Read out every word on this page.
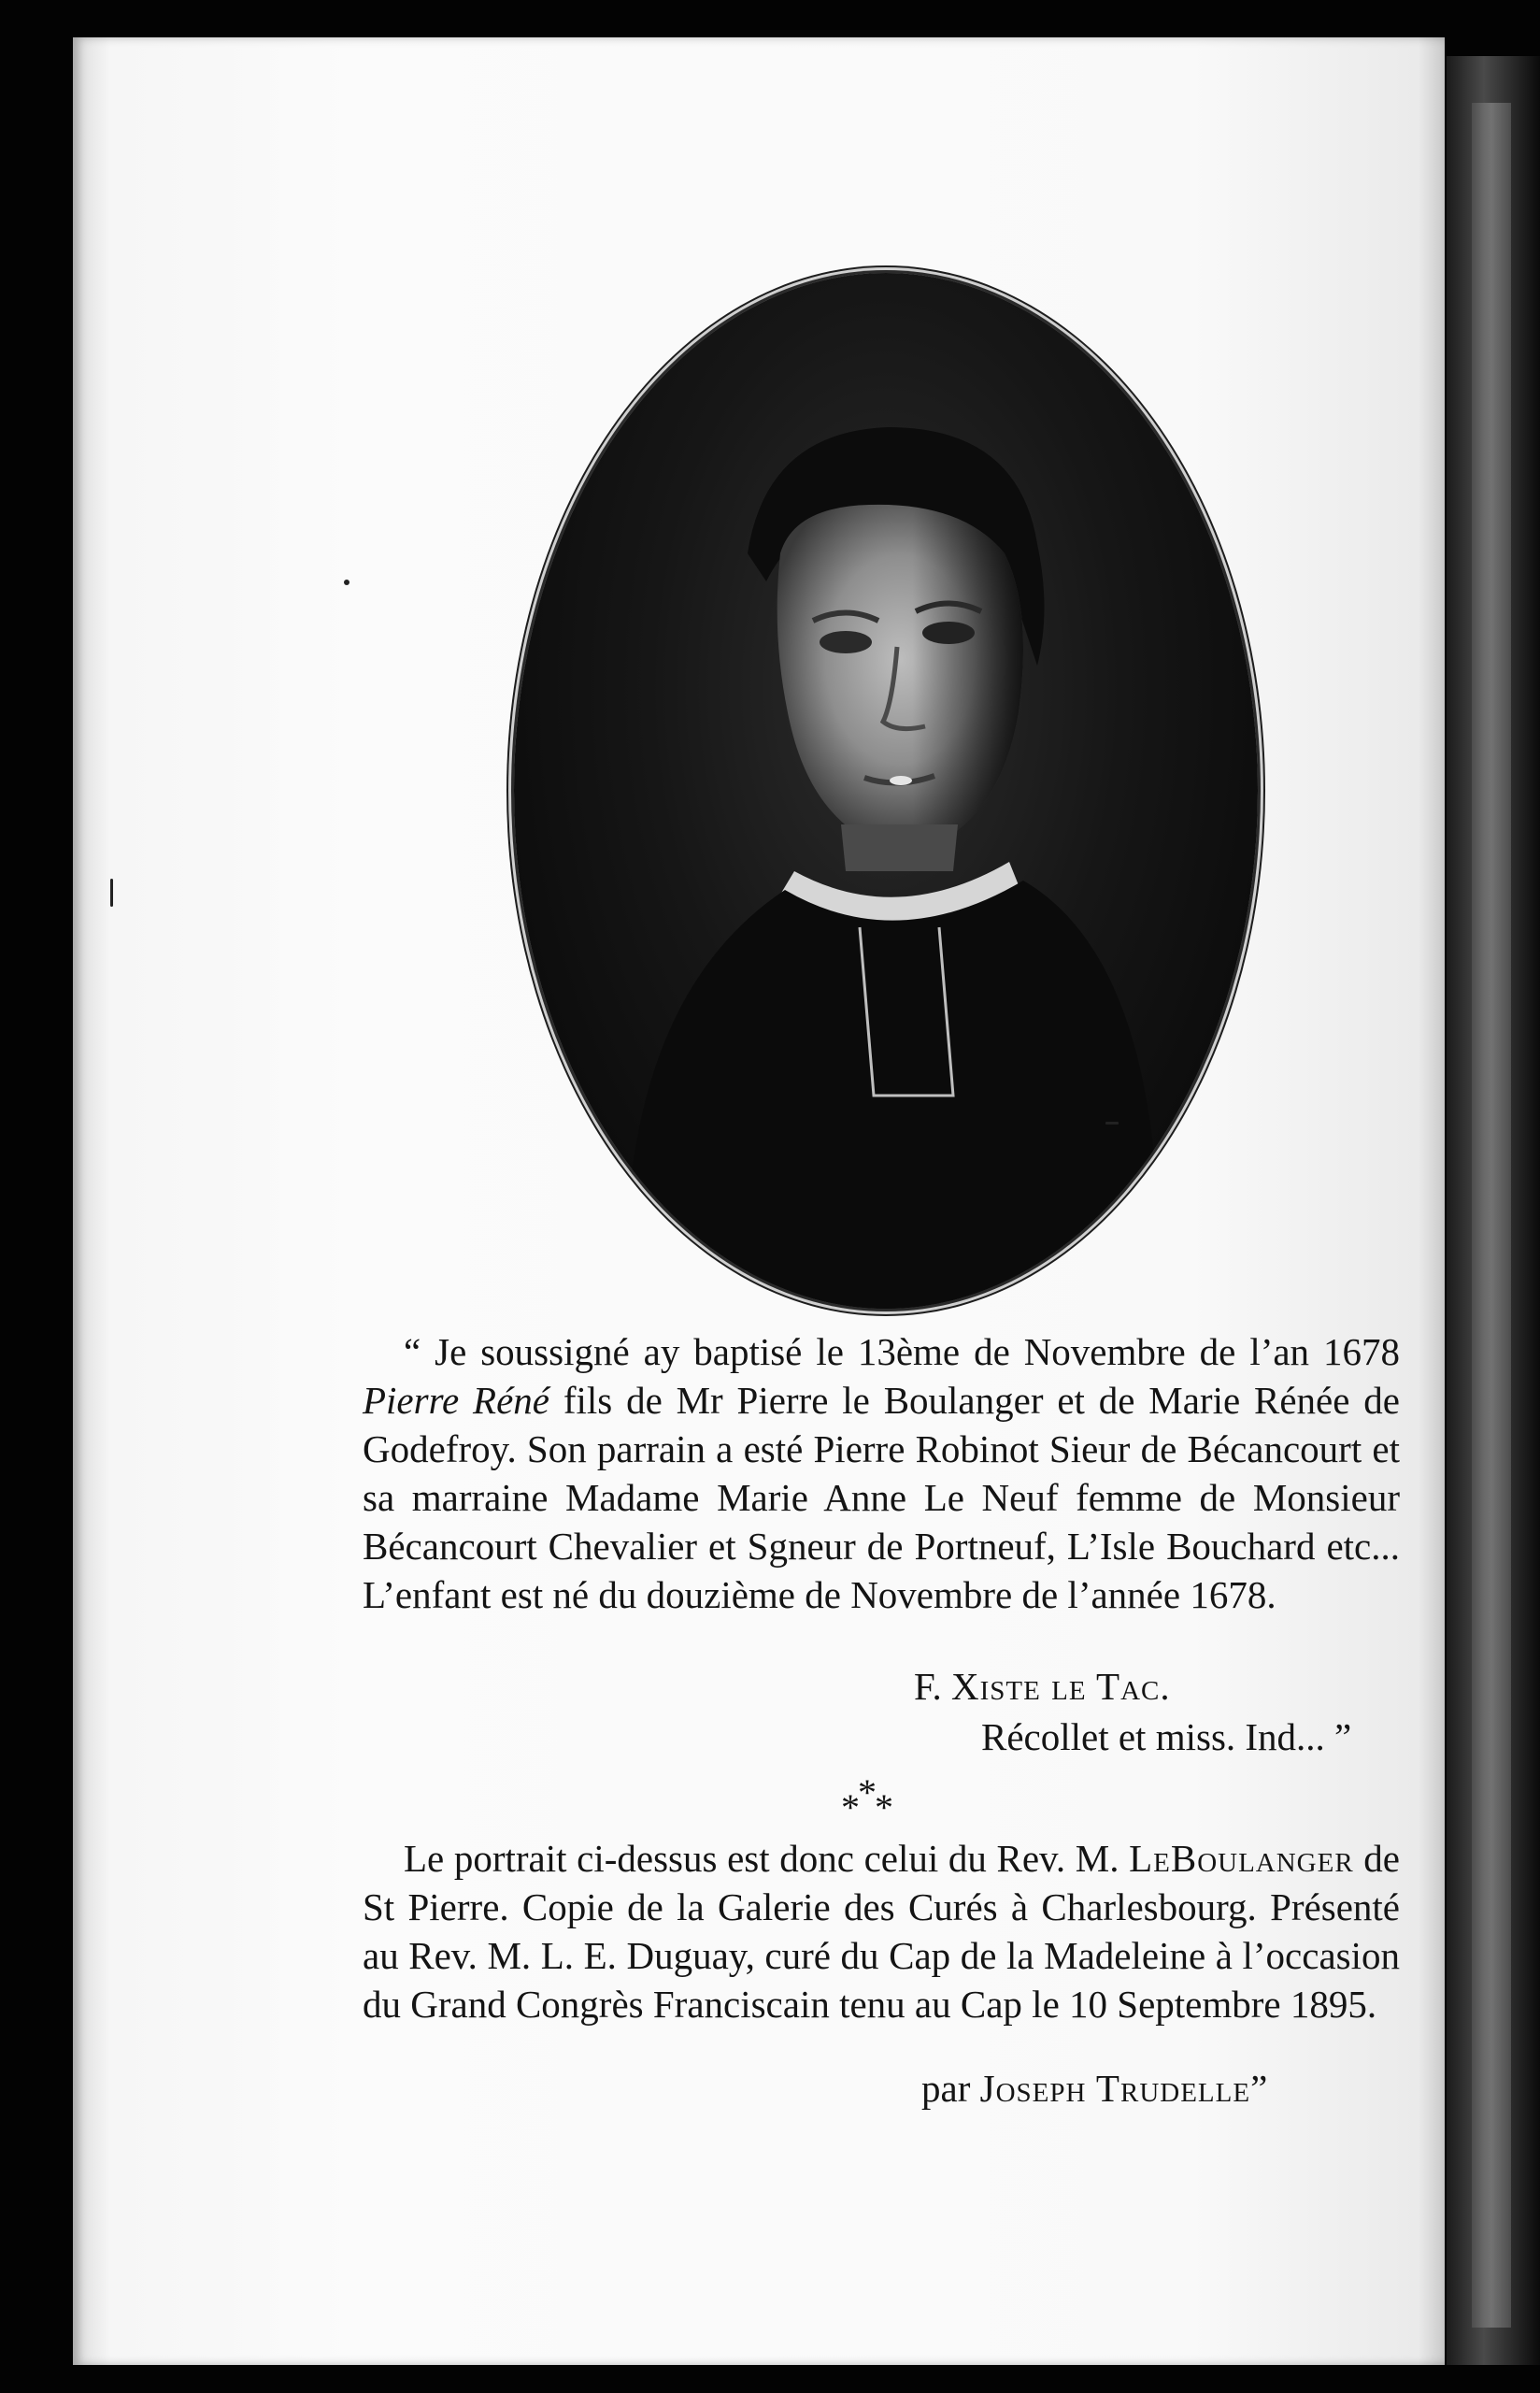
“ Je soussigné ay baptisé le 13ème de Novembre de l’an 1678 Pierre Réné fils de Mr Pierre le Boulanger et de Marie Rénée de Godefroy. Son parrain a esté Pierre Robinot Sieur de Bécancourt et sa marraine Madame Marie Anne Le Neuf femme de Monsieur Bécancourt Chevalier et Sgneur de Portneuf, L’Isle Bouchard etc... L’enfant est né du douzième de Novembre de l’année 1678.

F. Xiste le Tac.
Récollet et miss. Ind... ”
*
*
*

Le portrait ci-dessus est donc celui du Rev. M. LeBoulanger de St Pierre. Copie de la Galerie des Curés à Charlesbourg. Présenté au Rev. M. L. E. Duguay, curé du Cap de la Madeleine à l’occasion du Grand Congrès Franciscain tenu au Cap le 10 Septembre 1895.

par Joseph Trudelle”
